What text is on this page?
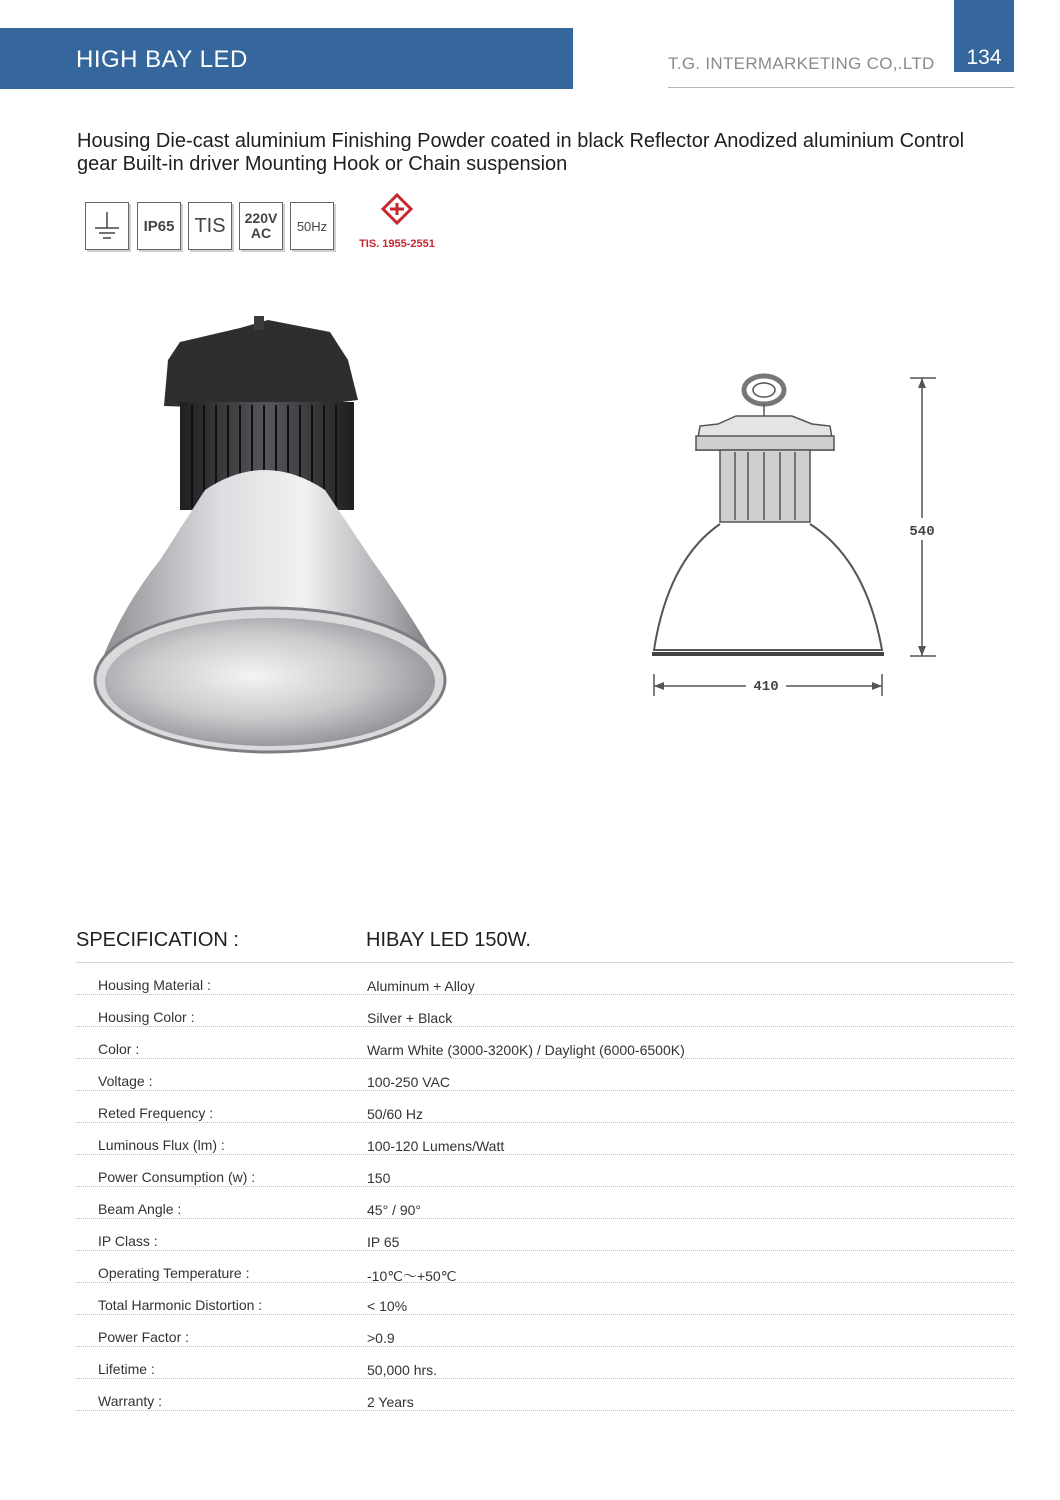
HIGH BAY LED	T.G. INTERMARKETING CO,.LTD	134
Housing Die-cast aluminium Finishing Powder coated in black Reflector Anodized aluminium Control gear Built-in driver Mounting Hook or Chain suspension
IP65 TIS 220V
AC 50Hz
TIS. 1955-2551
540
410
SPECIFICATION :	HIBAY LED 150W.
Housing Material :	Aluminum + Alloy
Housing Color :	Silver + Black
Color :	Warm White (3000-3200K) / Daylight (6000-6500K)
Voltage :	100-250 VAC
Reted Frequency :	50/60 Hz
Luminous Flux (lm) :	100-120 Lumens/Watt
Power Consumption (w) :	150
Beam Angle :	45° / 90°
IP Class :	IP 65
Operating Temperature :	-10℃～+50℃
Total Harmonic Distortion :	< 10%
Power Factor :	>0.9
Lifetime :	50,000 hrs.
Warranty :	2 Years
